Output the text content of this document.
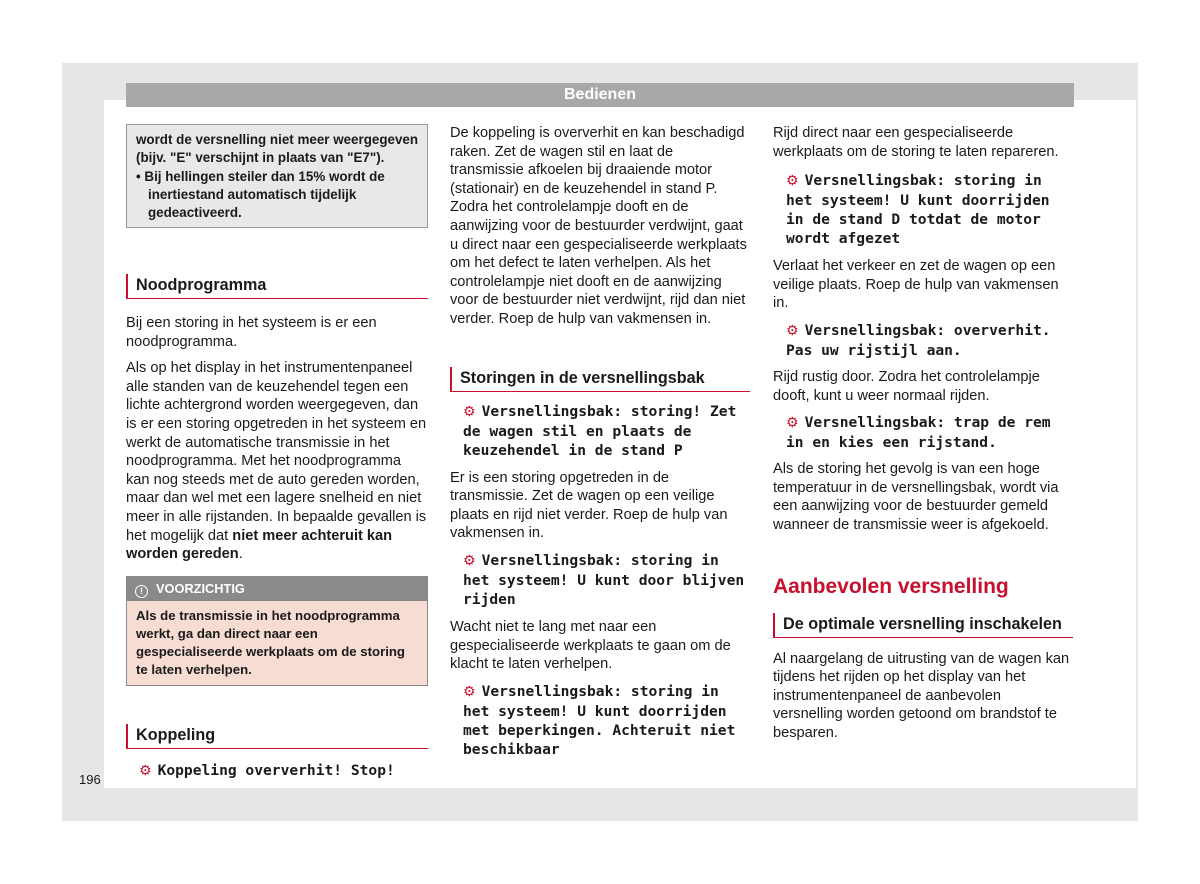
Bedienen
wordt de versnelling niet meer weergegeven (bijv. "E" verschijnt in plaats van "E7").
• Bij hellingen steiler dan 15% wordt de inertiestand automatisch tijdelijk gedeactiveerd.
Noodprogramma

Bij een storing in het systeem is er een noodprogramma.

Als op het display in het instrumentenpaneel alle standen van de keuzehendel tegen een lichte achtergrond worden weergegeven, dan is er een storing opgetreden in het systeem en werkt de automatische transmissie in het noodprogramma. Met het noodprogramma kan nog steeds met de auto gereden worden, maar dan wel met een lagere snelheid en niet meer in alle rijstanden. In bepaalde gevallen is het mogelijk dat niet meer achteruit kan worden gereden.

! VOORZICHTIG
Als de transmissie in het noodprogramma werkt, ga dan direct naar een gespecialiseerde werkplaats om de storing te laten verhelpen.
Koppeling
⚙ Koppeling oververhit! Stop!

De koppeling is oververhit en kan beschadigd raken. Zet de wagen stil en laat de transmissie afkoelen bij draaiende motor (stationair) en de keuzehendel in stand P. Zodra het controlelampje dooft en de aanwijzing voor de bestuurder verdwijnt, gaat u direct naar een gespecialiseerde werkplaats om het defect te laten verhelpen. Als het controlelampje niet dooft en de aanwijzing voor de bestuurder niet verdwijnt, rijd dan niet verder. Roep de hulp van vakmensen in.

Storingen in de versnellingsbak
⚙ Versnellingsbak: storing! Zet de wagen stil en plaats de keuzehendel in de stand P

Er is een storing opgetreden in de transmissie. Zet de wagen op een veilige plaats en rijd niet verder. Roep de hulp van vakmensen in.

⚙ Versnellingsbak: storing in het systeem! U kunt door blijven rijden

Wacht niet te lang met naar een gespecialiseerde werkplaats te gaan om de klacht te laten verhelpen.

⚙ Versnellingsbak: storing in het systeem! U kunt doorrijden met beperkingen. Achteruit niet beschikbaar

Rijd direct naar een gespecialiseerde werkplaats om de storing te laten repareren.

⚙ Versnellingsbak: storing in het systeem! U kunt doorrijden in de stand D totdat de motor wordt afgezet

Verlaat het verkeer en zet de wagen op een veilige plaats. Roep de hulp van vakmensen in.

⚙ Versnellingsbak: oververhit. Pas uw rijstijl aan.

Rijd rustig door. Zodra het controlelampje dooft, kunt u weer normaal rijden.

⚙ Versnellingsbak: trap de rem in en kies een rijstand.

Als de storing het gevolg is van een hoge temperatuur in de versnellingsbak, wordt via een aanwijzing voor de bestuurder gemeld wanneer de transmissie weer is afgekoeld.

Aanbevolen versnelling
De optimale versnelling inschakelen

Al naargelang de uitrusting van de wagen kan tijdens het rijden op het display van het instrumentenpaneel de aanbevolen versnelling worden getoond om brandstof te besparen.

196
